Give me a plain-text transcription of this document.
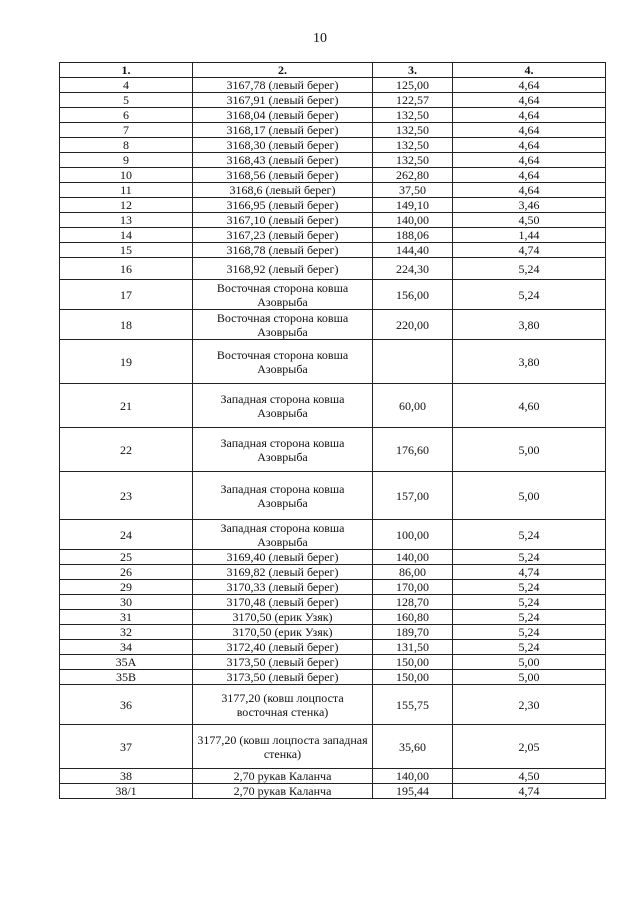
10
1.	2.	3.	4.
4	3167,78 (левый берег)	125,00	4,64
5	3167,91 (левый берег)	122,57	4,64
6	3168,04 (левый берег)	132,50	4,64
7	3168,17 (левый берег)	132,50	4,64
8	3168,30 (левый берег)	132,50	4,64
9	3168,43 (левый берег)	132,50	4,64
10	3168,56 (левый берег)	262,80	4,64
11	3168,6 (левый берег)	37,50	4,64
12	3166,95 (левый берег)	149,10	3,46
13	3167,10 (левый берег)	140,00	4,50
14	3167,23 (левый берег)	188,06	1,44
15	3168,78 (левый берег)	144,40	4,74
16	3168,92 (левый берег)	224,30	5,24
17	Восточная сторона ковша Азоврыба	156,00	5,24
18	Восточная сторона ковша Азоврыба	220,00	3,80
19	Восточная сторона ковша Азоврыба		3,80
21	Западная сторона ковша Азоврыба	60,00	4,60
22	Западная сторона ковша Азоврыба	176,60	5,00
23	Западная сторона ковша Азоврыба	157,00	5,00
24	Западная сторона ковша Азоврыба	100,00	5,24
25	3169,40 (левый берег)	140,00	5,24
26	3169,82 (левый берег)	86,00	4,74
29	3170,33 (левый берег)	170,00	5,24
30	3170,48 (левый берег)	128,70	5,24
31	3170,50 (ерик Узяк)	160,80	5,24
32	3170,50 (ерик Узяк)	189,70	5,24
34	3172,40 (левый берег)	131,50	5,24
35А	3173,50 (левый берег)	150,00	5,00
35В	3173,50 (левый берег)	150,00	5,00
36	3177,20 (ковш лоцпоста восточная стенка)	155,75	2,30
37	3177,20 (ковш лоцпоста западная стенка)	35,60	2,05
38	2,70 рукав Каланча	140,00	4,50
38/1	2,70 рукав Каланча	195,44	4,74
